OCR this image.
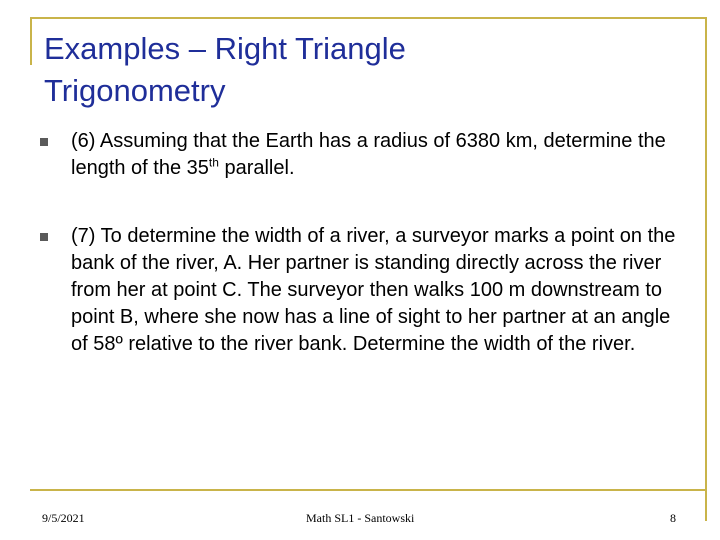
Examples – Right Triangle
Trigonometry
(6) Assuming that the Earth has a radius of 6380 km, determine the length of the 35th parallel.
(7) To determine the width of a river, a surveyor marks a point on the bank of the river, A. Her partner is standing directly across the river from her at point C. The surveyor then walks 100 m downstream to point B, where she now has a line of sight to her partner at an angle of 58º relative to the river bank. Determine the width of the river.
9/5/2021	Math SL1 - Santowski	8
